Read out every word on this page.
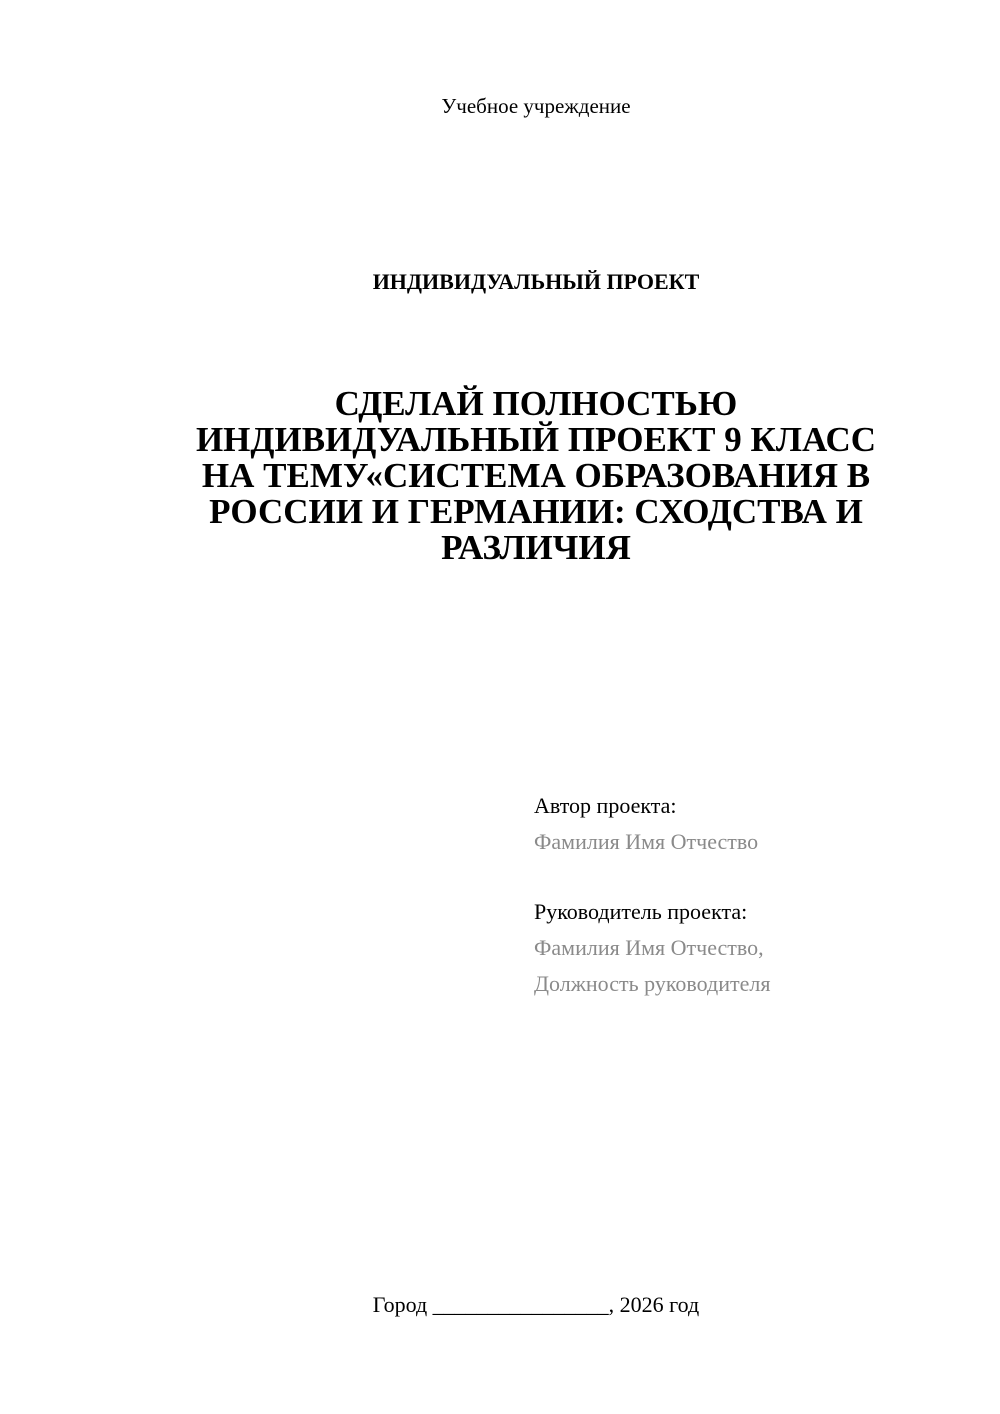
Учебное учреждение
ИНДИВИДУАЛЬНЫЙ ПРОЕКТ
СДЕЛАЙ ПОЛНОСТЬЮ
ИНДИВИДУАЛЬНЫЙ ПРОЕКТ 9 КЛАСС
НА ТЕМУ«СИСТЕМА ОБРАЗОВАНИЯ В
РОССИИ И ГЕРМАНИИ: СХОДСТВА И
РАЗЛИЧИЯ
Автор проекта:
Фамилия Имя Отчество
Руководитель проекта:
Фамилия Имя Отчество,
Должность руководителя
Город ________________, 2026 год
